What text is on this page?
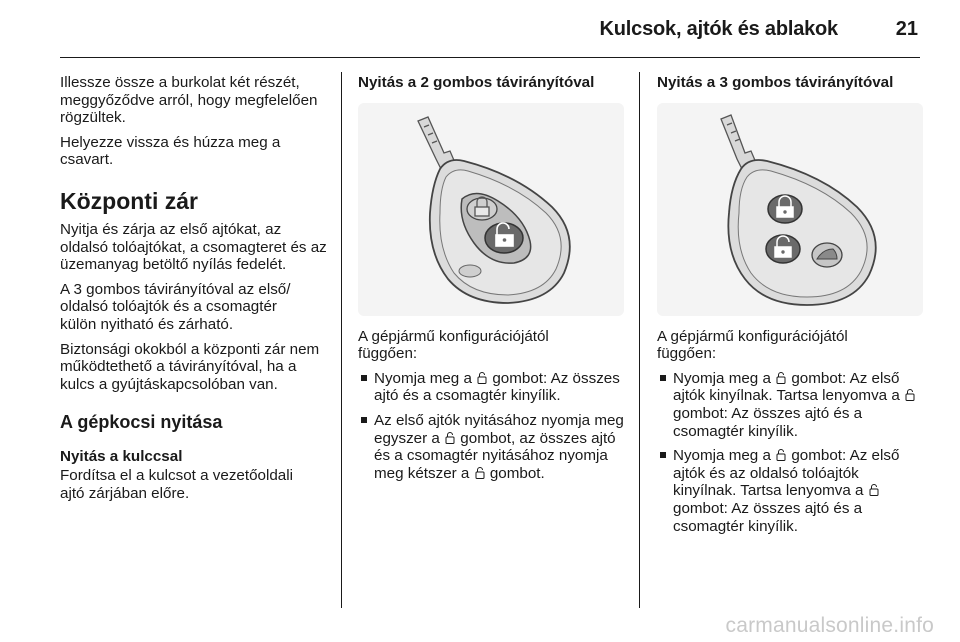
Kulcsok, ajtók és ablakok	21

Illessze össze a burkolat két részét, meggyőződve arról, hogy megfelelően rögzültek.

Helyezze vissza és húzza meg a csavart.

Központi zár

Nyitja és zárja az első ajtókat, az oldalsó tolóajtókat, a csomagteret és az üzemanyag betöltő nyílás fedelét.

A 3 gombos távirányítóval az első/ oldalsó tolóajtók és a csomagtér külön nyitható és zárható.

Biztonsági okokból a központi zár nem működtethető a távirányítóval, ha a kulcs a gyújtáskapcsolóban van.

A gépkocsi nyitása
Nyitás a kulccsal

Fordítsa el a kulcsot a vezetőoldali ajtó zárjában előre.

Nyitás a 2 gombos távirányítóval

A gépjármű konfigurációjától függően:

Nyomja meg a
gombot: Az összes ajtó és a csomagtér kinyílik.
Az első ajtók nyitásához nyomja meg egyszer a
gombot, az összes ajtó és a csomagtér nyitásához nyomja meg kétszer a
gombot.
Nyitás a 3 gombos távirányítóval

A gépjármű konfigurációjától függően:

Nyomja meg a
gombot: Az első ajtók kinyílnak. Tartsa lenyomva a
gombot: Az összes ajtó és a csomagtér kinyílik.
Nyomja meg a
gombot: Az első ajtók és az oldalsó tolóajtók kinyílnak. Tartsa lenyomva a
gombot: Az összes ajtó és a csomagtér kinyílik.
carmanualsonline.info
